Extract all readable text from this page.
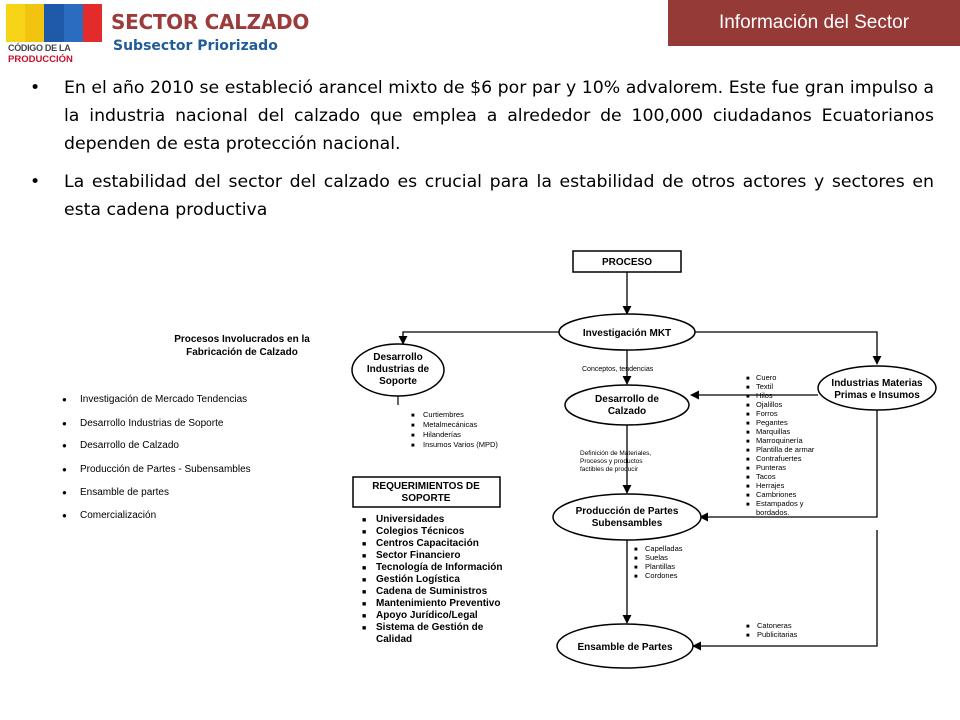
CÓDIGO DE LA
PRODUCCIÓN
SECTOR CALZADO
Subsector Priorizado
Información del Sector
• En el año 2010 se estableció arancel mixto de $6 por par y 10% advalorem. Este fue gran impulso a la industria nacional del calzado que emplea a alrededor de 100,000 ciudadanos Ecuatorianos dependen de esta protección nacional.
• La estabilidad del sector del calzado es crucial para la estabilidad de otros actores y sectores en esta cadena productiva
Procesos Involucrados en la
Fabricación de Calzado
● Investigación de Mercado Tendencias
● Desarrollo Industrias de Soporte
● Desarrollo de Calzado
● Producción de Partes - Subensambles
● Ensamble de partes
● Comercialización
PROCESO
Investigación MKT
Desarrollo
Industrias de
Soporte
■ Curtiembres
■ Metalmecánicas
■ Hilanderías
■ Insumos Varios (MPD)
Conceptos, tendencias
Desarrollo de
Calzado
Industrias Materias
Primas e Insumos
■ Cuero
■ Textil
■ Hilos
■ Ojalillos
■ Forros
■ Pegantes
■ Marquillas
■ Marroquinería
■ Plantilla de armar
■ Contrafuertes
■ Punteras
■ Tacos
■ Herrajes
■ Cambriones
■ Estampados y
bordados.
Definición de Materiales,
Procesos y productos
factibles de producir
REQUERIMIENTOS DE
SOPORTE
■ Universidades
■ Colegios Técnicos
■ Centros Capacitación
■ Sector Financiero
■ Tecnología de Información
■ Gestión Logística
■ Cadena de Suministros
■ Mantenimiento Preventivo
■ Apoyo Jurídico/Legal
■ Sistema de Gestión de
Calidad
Producción de Partes
Subensambles
■ Capelladas
■ Suelas
■ Plantillas
■ Cordones
Ensamble de Partes
■ Catoneras
■ Publicitarias
